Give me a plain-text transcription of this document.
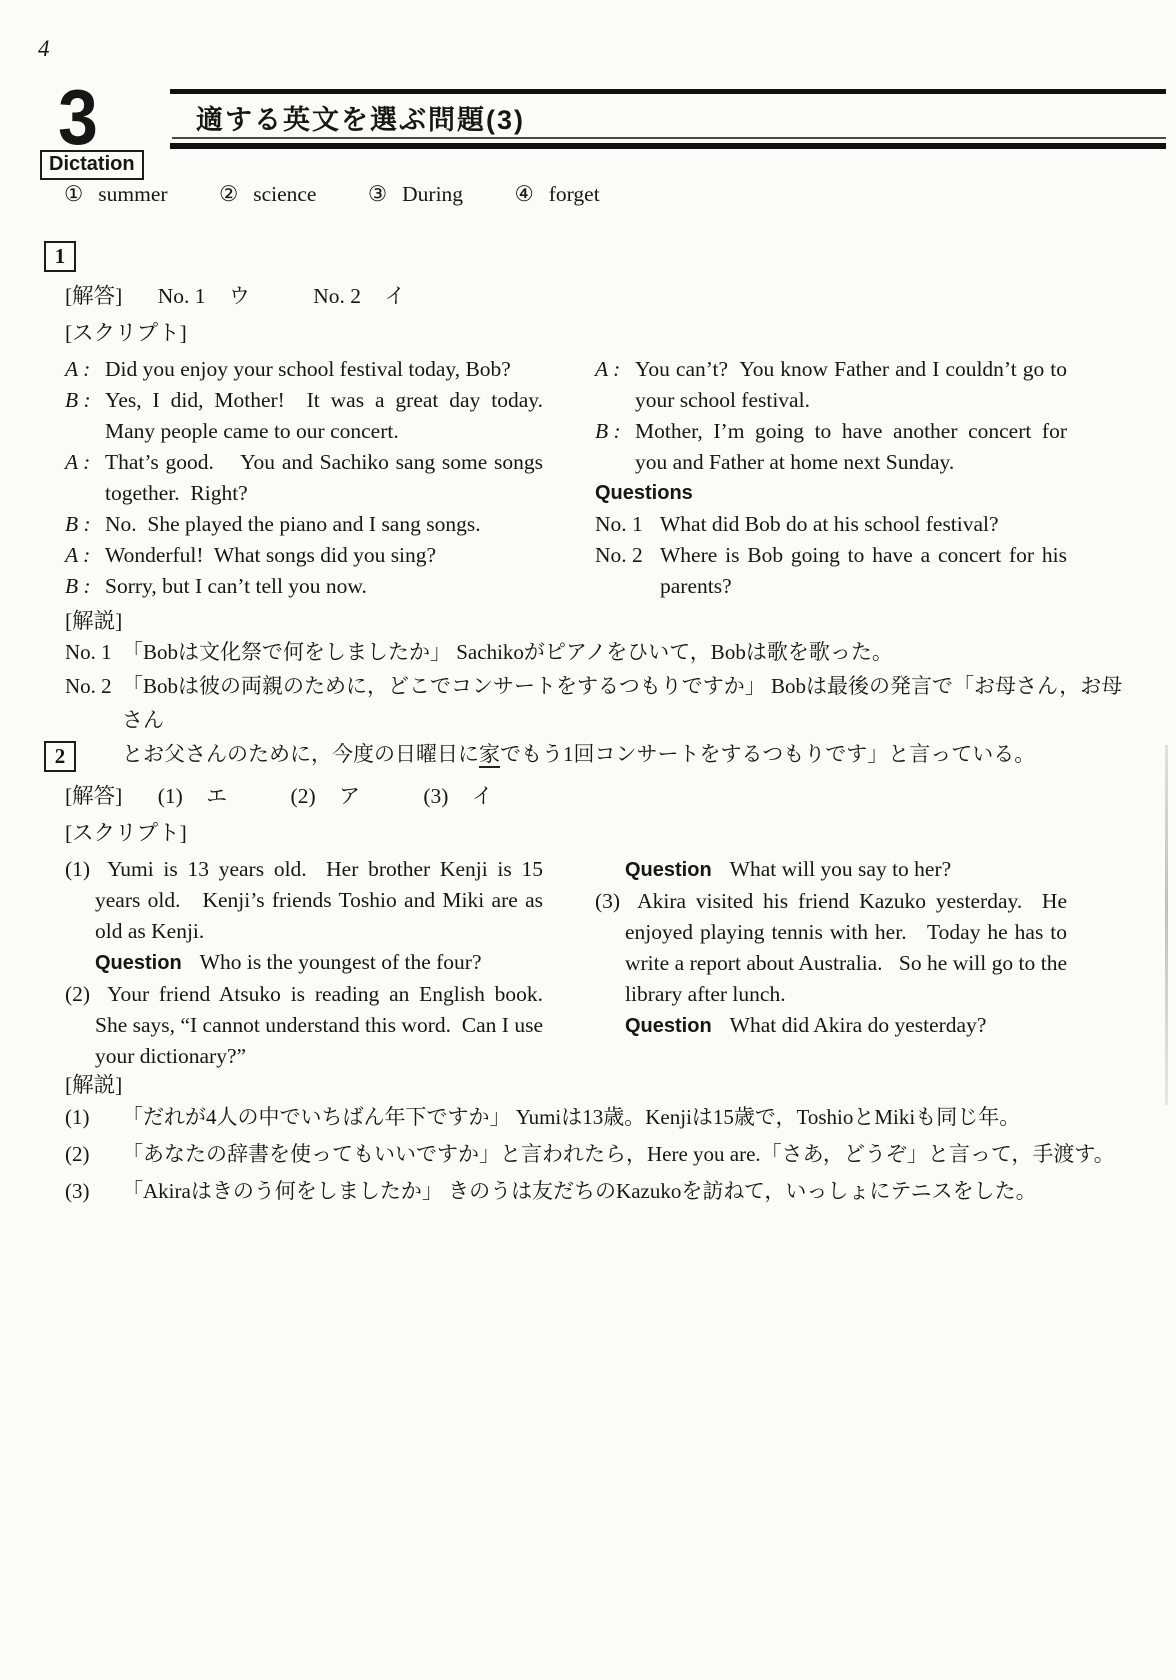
4
3	適する英文を選ぶ問題(3)
Dictation
① summer ② science ③ During ④ forget
1
[解答] No. 1 ウ	No. 2 イ
[スクリプト]
A : Did you enjoy your school festival today, Bob?
B : Yes, I did, Mother!  It was a great day today.  Many people came to our concert.
A : That’s good.    You and Sachiko sang some songs together.  Right?
B : No.  She played the piano and I sang songs.
A : Wonderful!  What songs did you sing?
B : Sorry, but I can’t tell you now.
A : You can’t?  You know Father and I couldn’t go to your school festival.
B : Mother, I’m going to have another concert for you and Father at home next Sunday.
Questions
No. 1 What did Bob do at his school festival?
No. 2 Where is Bob going to have a concert for his parents?
[解説]
No. 1 「Bobは文化祭で何をしましたか」 Sachikoがピアノをひいて，Bobは歌を歌った。
No. 2 「Bobは彼の両親のために，どこでコンサートをするつもりですか」 Bobは最後の発言で「お母さん，お母さん
とお父さんのために，今度の日曜日に家でもう1回コンサートをするつもりです」と言っている。
2
[解答] (1) エ	(2) ア	(3) イ
[スクリプト]
(1) Yumi is 13 years old.  Her brother Kenji is 15 years old.   Kenji’s friends Toshio and Miki are as old as Kenji.
Question Who is the youngest of the four?
(2) Your friend Atsuko is reading an English book.  She says, “I cannot understand this word.  Can I use your dictionary?”
Question What will you say to her?
(3) Akira visited his friend Kazuko yesterday.  He enjoyed playing tennis with her.   Today he has to write a report about Australia.   So he will go to the library after lunch.
Question What did Akira do yesterday?
[解説]
(1) 「だれが4人の中でいちばん年下ですか」 Yumiは13歳。Kenjiは15歳で，ToshioとMikiも同じ年。
(2) 「あなたの辞書を使ってもいいですか」と言われたら，Here you are.「さあ，どうぞ」と言って，手渡す。
(3) 「Akiraはきのう何をしましたか」 きのうは友だちのKazukoを訪ねて，いっしょにテニスをした。
